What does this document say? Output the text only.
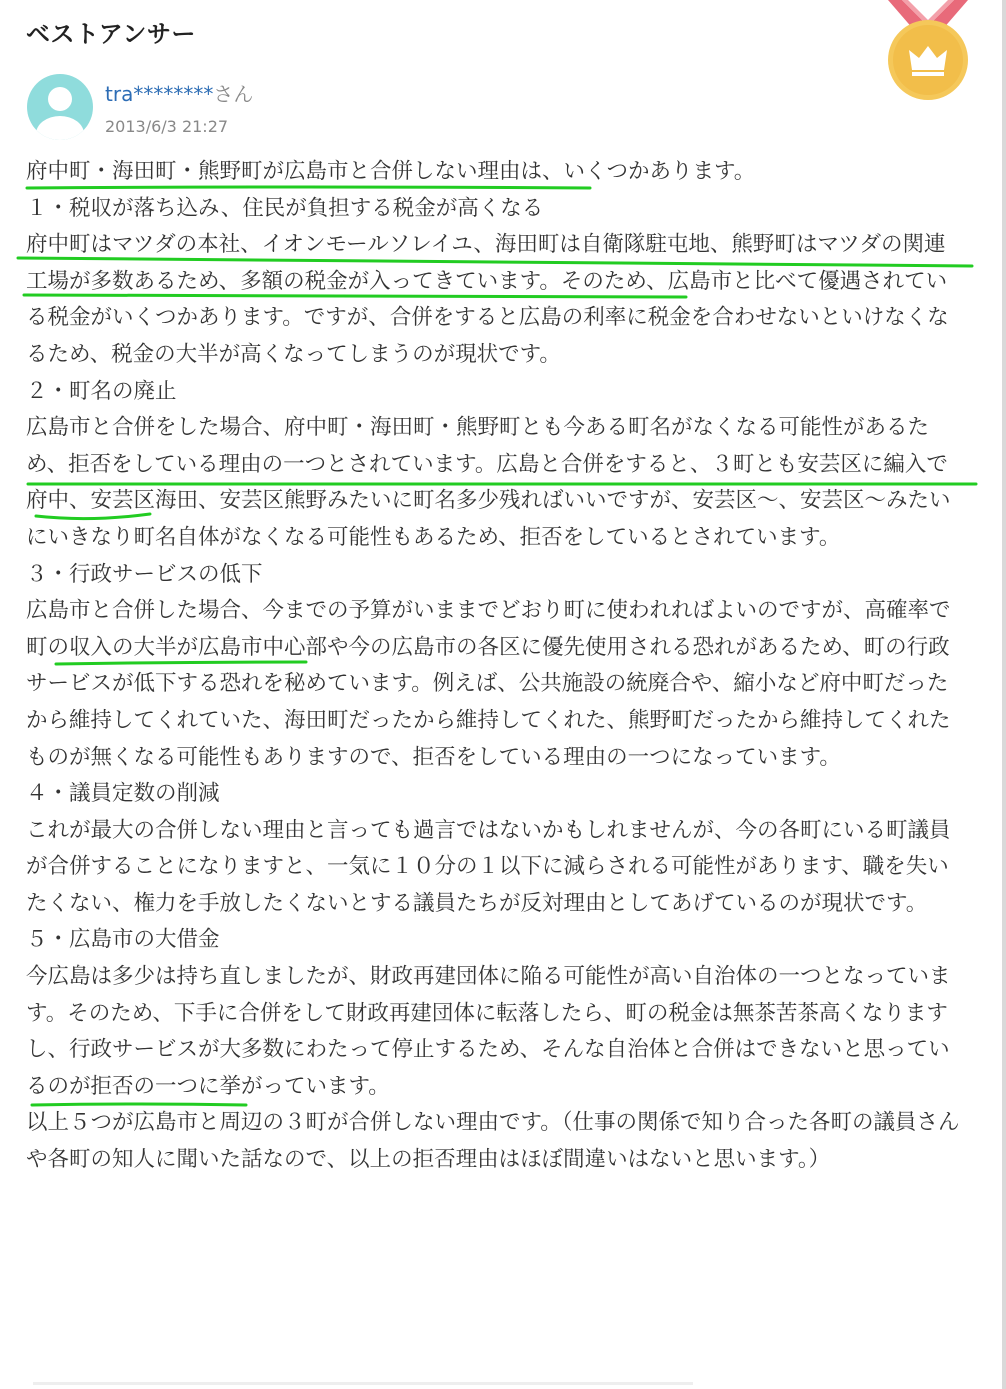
ベストアンサー
tra********さん
2013/6/3 21:27

府中町・海田町・熊野町が広島市と合併しない理由は、いくつかあります。

１・税収が落ち込み、住民が負担する税金が高くなる

府中町はマツダの本社、イオンモールソレイユ、海田町は自衛隊駐屯地、熊野町はマツダの関連工場が多数あるため、多額の税金が入ってきています。そのため、広島市と比べて優遇されている税金がいくつかあります。ですが、合併をすると広島の利率に税金を合わせないといけなくなるため、税金の大半が高くなってしまうのが現状です。

２・町名の廃止

広島市と合併をした場合、府中町・海田町・熊野町とも今ある町名がなくなる可能性があるため、拒否をしている理由の一つとされています。広島と合併をすると、３町とも安芸区に編入で府中、安芸区海田、安芸区熊野みたいに町名多少残ればいいですが、安芸区～、安芸区～みたいにいきなり町名自体がなくなる可能性もあるため、拒否をしているとされています。

３・行政サービスの低下

広島市と合併した場合、今までの予算がいままでどおり町に使われればよいのですが、高確率で町の収入の大半が広島市中心部や今の広島市の各区に優先使用される恐れがあるため、町の行政サービスが低下する恐れを秘めています。例えば、公共施設の統廃合や、縮小など府中町だったから維持してくれていた、海田町だったから維持してくれた、熊野町だったから維持してくれたものが無くなる可能性もありますので、拒否をしている理由の一つになっています。

４・議員定数の削減

これが最大の合併しない理由と言っても過言ではないかもしれませんが、今の各町にいる町議員が合併することになりますと、一気に１０分の１以下に減らされる可能性があります、職を失いたくない、権力を手放したくないとする議員たちが反対理由としてあげているのが現状です。

５・広島市の大借金

今広島は多少は持ち直しましたが、財政再建団体に陥る可能性が高い自治体の一つとなっています。そのため、下手に合併をして財政再建団体に転落したら、町の税金は無茶苦茶高くなりますし、行政サービスが大多数にわたって停止するため、そんな自治体と合併はできないと思っているのが拒否の一つに挙がっています。

以上５つが広島市と周辺の３町が合併しない理由です。（仕事の関係で知り合った各町の議員さんや各町の知人に聞いた話なので、以上の拒否理由はほぼ間違いはないと思います。）
